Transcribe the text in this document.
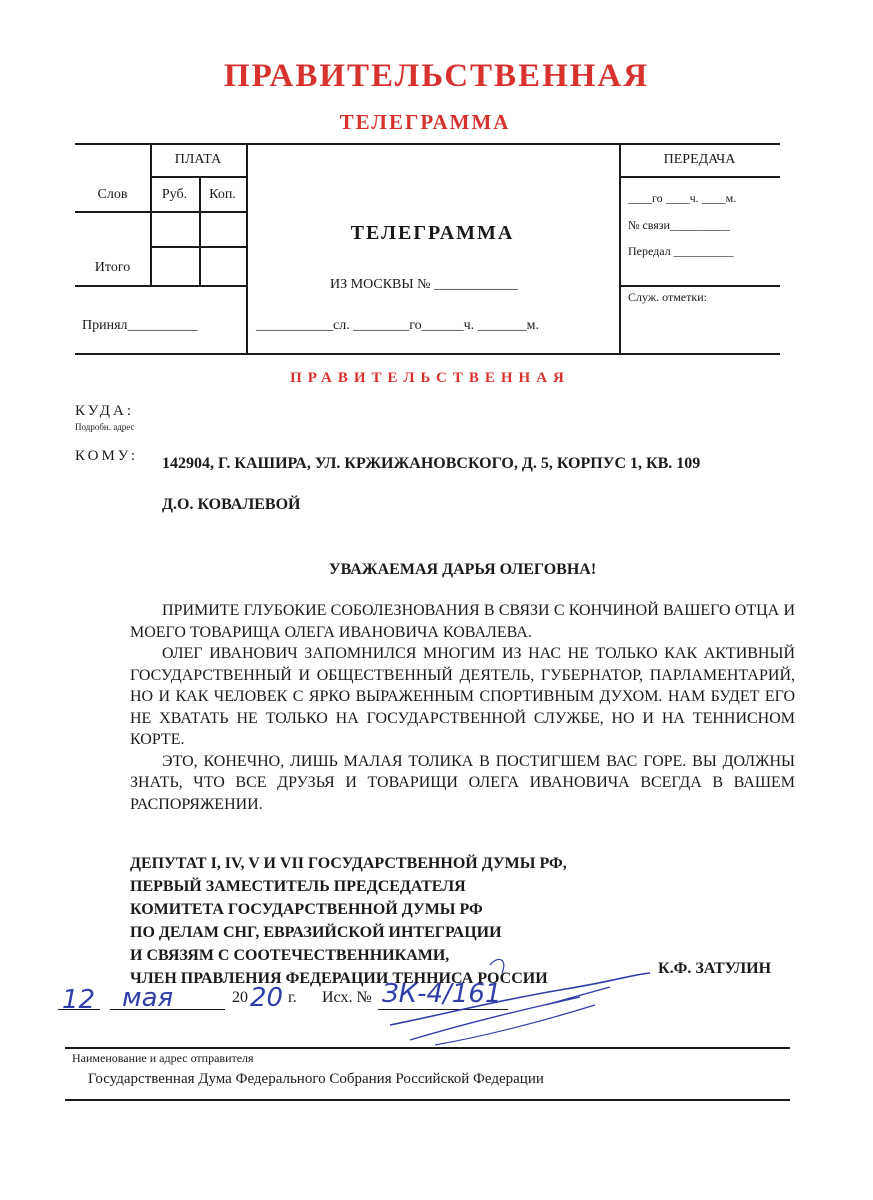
ПРАВИТЕЛЬСТВЕННАЯ
ТЕЛЕГРАММА
ПЛАТА
Слов	Руб.	Коп.
Итого
Принял__________
ТЕЛЕГРАММА
ИЗ МОСКВЫ № ____________
___________сл. ________го______ч. _______м.
ПЕРЕДАЧА
____го ____ч. ____м.
№ связи__________
Передал __________
Служ. отметки:
ПРАВИТЕЛЬСТВЕННАЯ
КУДА:
Подробн. адрес
КОМУ: 142904, Г. КАШИРА, УЛ. КРЖИЖАНОВСКОГО, Д. 5, КОРПУС 1, КВ. 109
Д.О. КОВАЛЕВОЙ
УВАЖАЕМАЯ ДАРЬЯ ОЛЕГОВНА!

ПРИМИТЕ ГЛУБОКИЕ СОБОЛЕЗНОВАНИЯ В СВЯЗИ С КОНЧИНОЙ ВАШЕГО ОТЦА И МОЕГО ТОВАРИЩА ОЛЕГА ИВАНОВИЧА КОВАЛЕВА.

ОЛЕГ ИВАНОВИЧ ЗАПОМНИЛСЯ МНОГИМ ИЗ НАС НЕ ТОЛЬКО КАК АКТИВНЫЙ ГОСУДАРСТВЕННЫЙ И ОБЩЕСТВЕННЫЙ ДЕЯТЕЛЬ, ГУБЕРНАТОР, ПАРЛАМЕНТАРИЙ, НО И КАК ЧЕЛОВЕК С ЯРКО ВЫРАЖЕННЫМ СПОРТИВНЫМ ДУХОМ. НАМ БУДЕТ ЕГО НЕ ХВАТАТЬ НЕ ТОЛЬКО НА ГОСУДАРСТВЕННОЙ СЛУЖБЕ, НО И НА ТЕННИСНОМ КОРТЕ.

ЭТО, КОНЕЧНО, ЛИШЬ МАЛАЯ ТОЛИКА В ПОСТИГШЕМ ВАС ГОРЕ. ВЫ ДОЛЖНЫ ЗНАТЬ, ЧТО ВСЕ ДРУЗЬЯ И ТОВАРИЩИ ОЛЕГА ИВАНОВИЧА ВСЕГДА В ВАШЕМ РАСПОРЯЖЕНИИ.

ДЕПУТАТ I, IV, V И VII ГОСУДАРСТВЕННОЙ ДУМЫ РФ,
ПЕРВЫЙ ЗАМЕСТИТЕЛЬ ПРЕДСЕДАТЕЛЯ
КОМИТЕТА ГОСУДАРСТВЕННОЙ ДУМЫ РФ
ПО ДЕЛАМ СНГ, ЕВРАЗИЙСКОЙ ИНТЕГРАЦИИ
И СВЯЗЯМ С СООТЕЧЕСТВЕННИКАМИ,
ЧЛЕН ПРАВЛЕНИЯ ФЕДЕРАЦИИ ТЕННИСА РОССИИ
К.Ф. ЗАТУЛИН
12 мая	20 20 г. Исх. № ЗК-4/161
Наименование и адрес отправителя
Государственная Дума Федерального Собрания Российской Федерации
